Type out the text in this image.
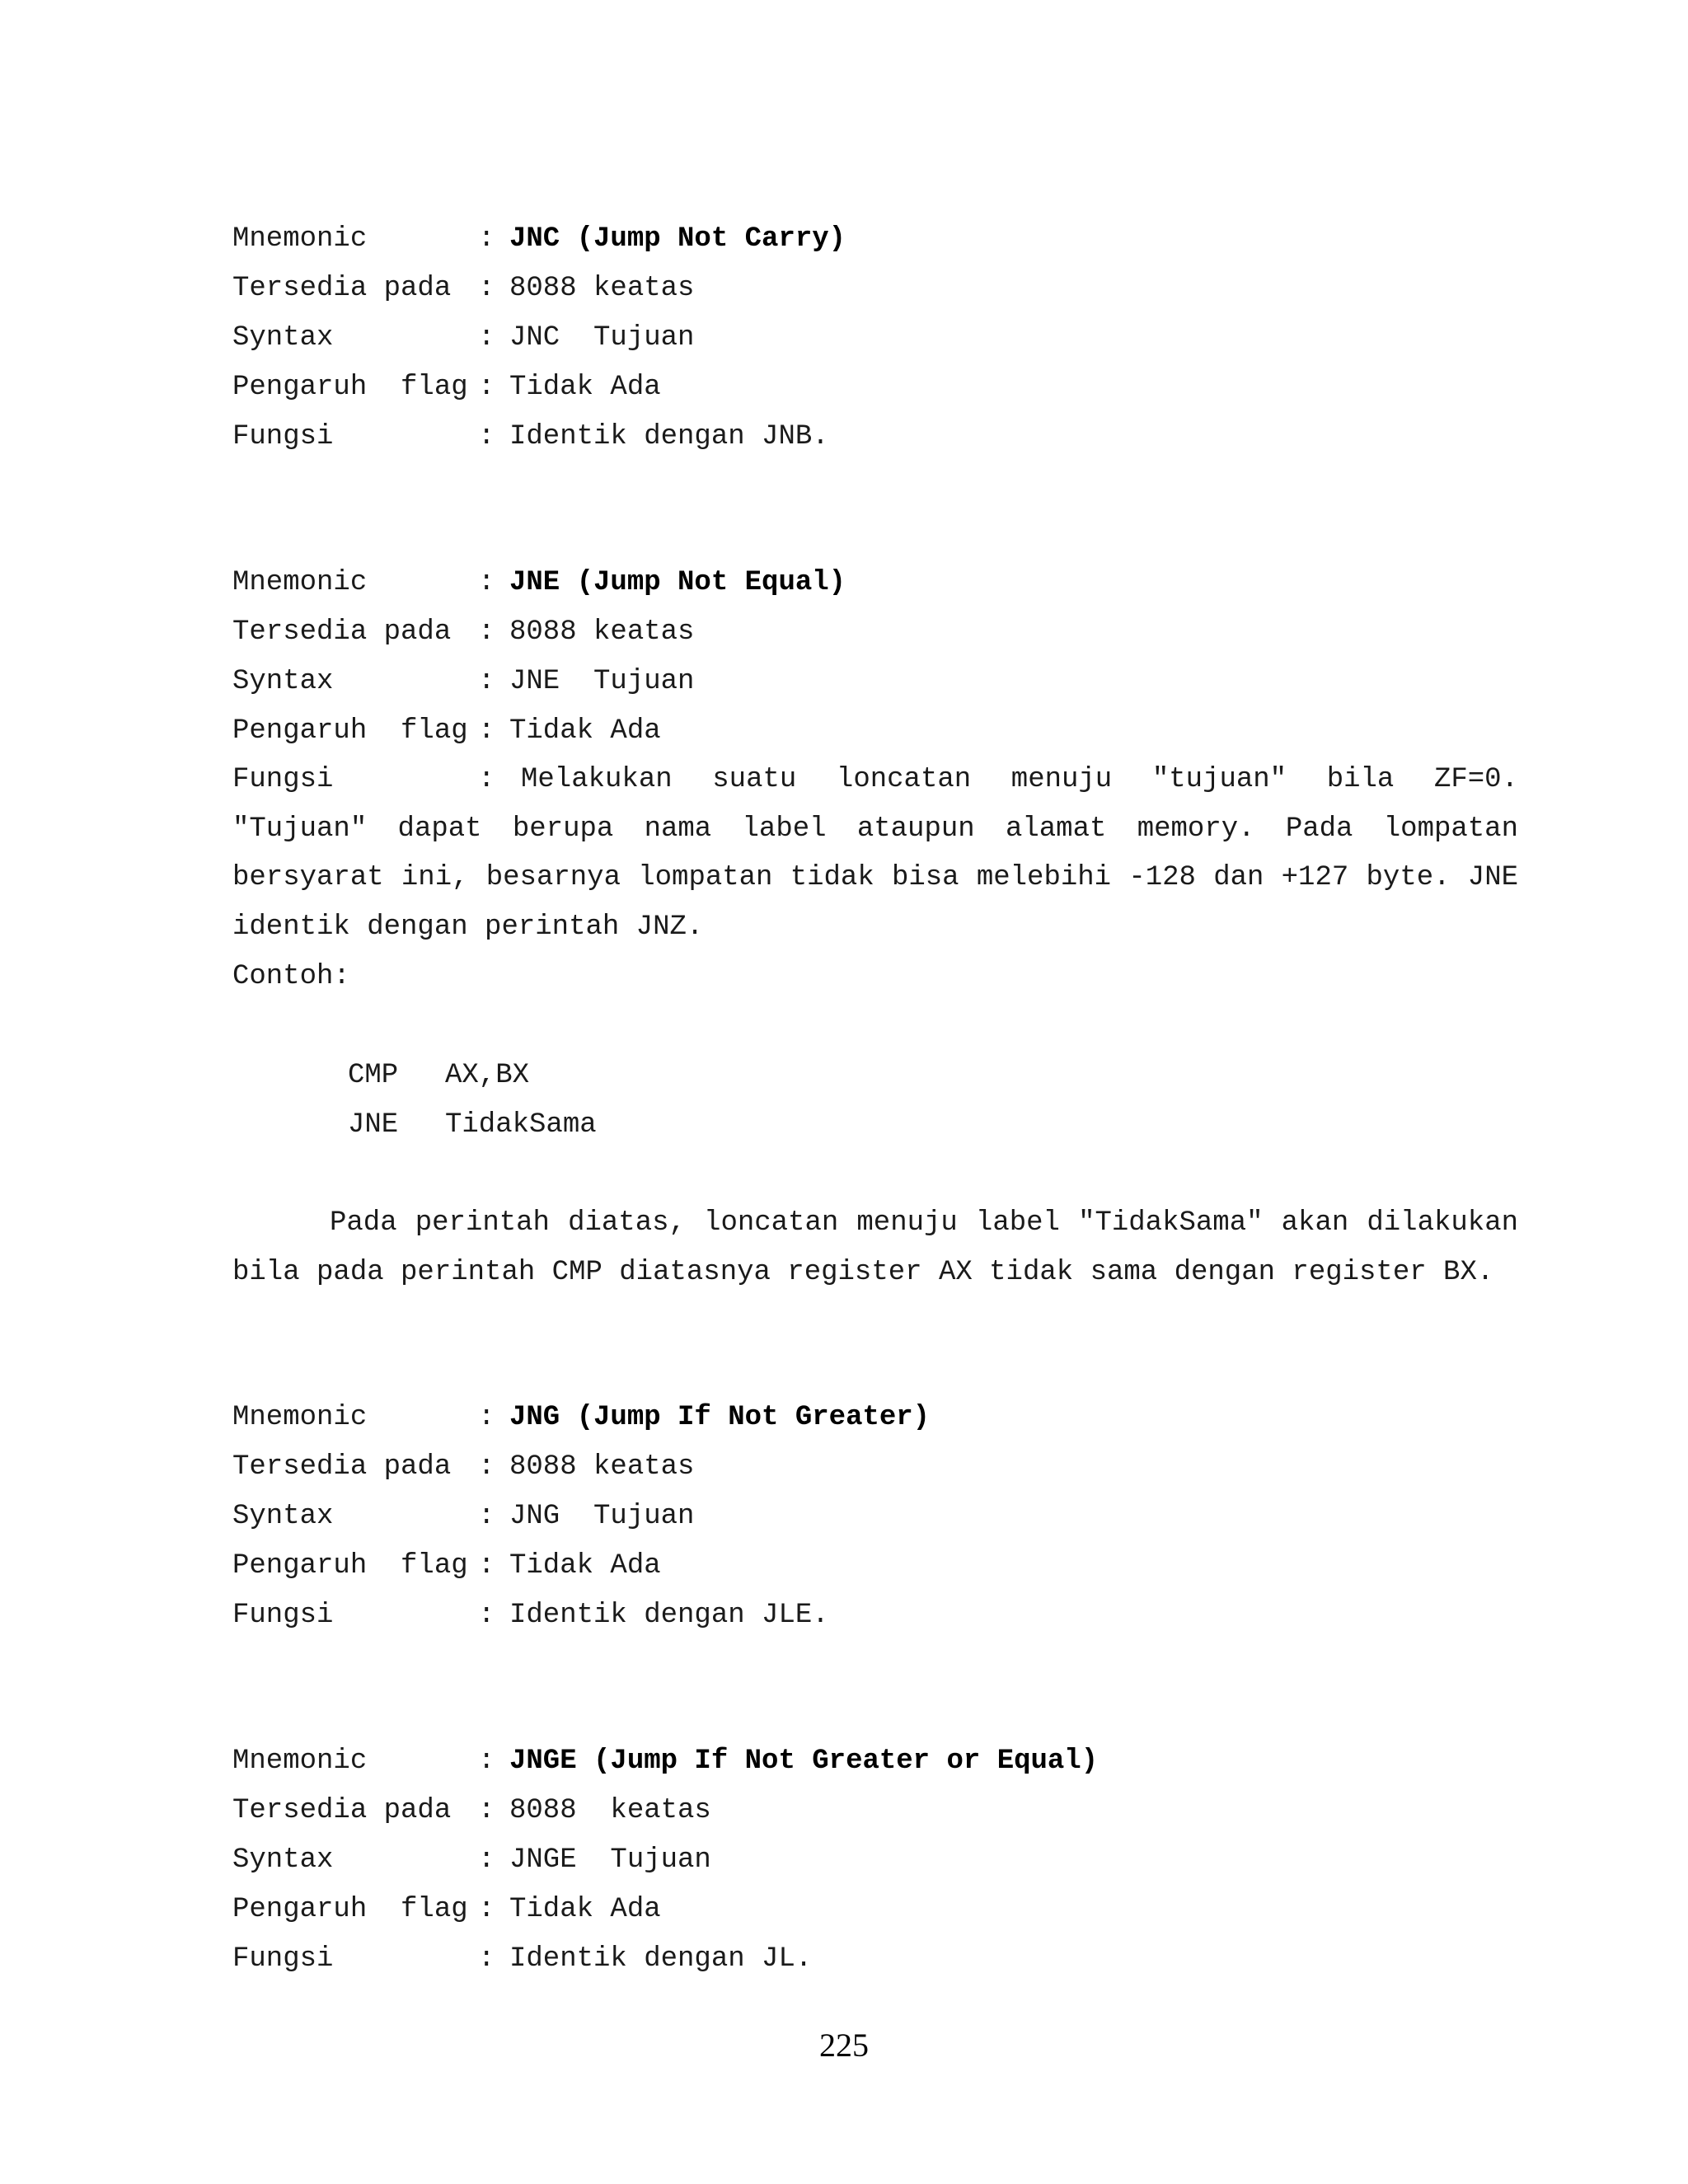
Mnemonic	: JNC (Jump Not Carry)

Tersedia pada : 8088 keatas

Syntax	: JNC  Tujuan

Pengaruh  flag : Tidak Ada

Fungsi	: Identik dengan JNB.

Mnemonic	: JNE (Jump Not Equal)

Tersedia pada : 8088 keatas

Syntax	: JNE  Tujuan

Pengaruh  flag : Tidak Ada

Fungsi	: Melakukan suatu loncatan menuju "tujuan" bila ZF=0. "Tujuan" dapat berupa nama label ataupun alamat memory. Pada lompatan bersyarat ini, besarnya lompatan tidak bisa melebihi -128 dan +127 byte. JNE identik dengan perintah JNZ.

Contoh:

CMP AX,BX

JNE TidakSama

Pada perintah diatas, loncatan menuju label "TidakSama" akan dilakukan bila pada perintah CMP diatasnya register AX tidak sama dengan register BX.

Mnemonic	: JNG (Jump If Not Greater)

Tersedia pada : 8088 keatas

Syntax	: JNG  Tujuan

Pengaruh  flag : Tidak Ada

Fungsi	: Identik dengan JLE.

Mnemonic	: JNGE (Jump If Not Greater or Equal)

Tersedia pada : 8088  keatas

Syntax	: JNGE  Tujuan

Pengaruh  flag : Tidak Ada

Fungsi	: Identik dengan JL.

225
